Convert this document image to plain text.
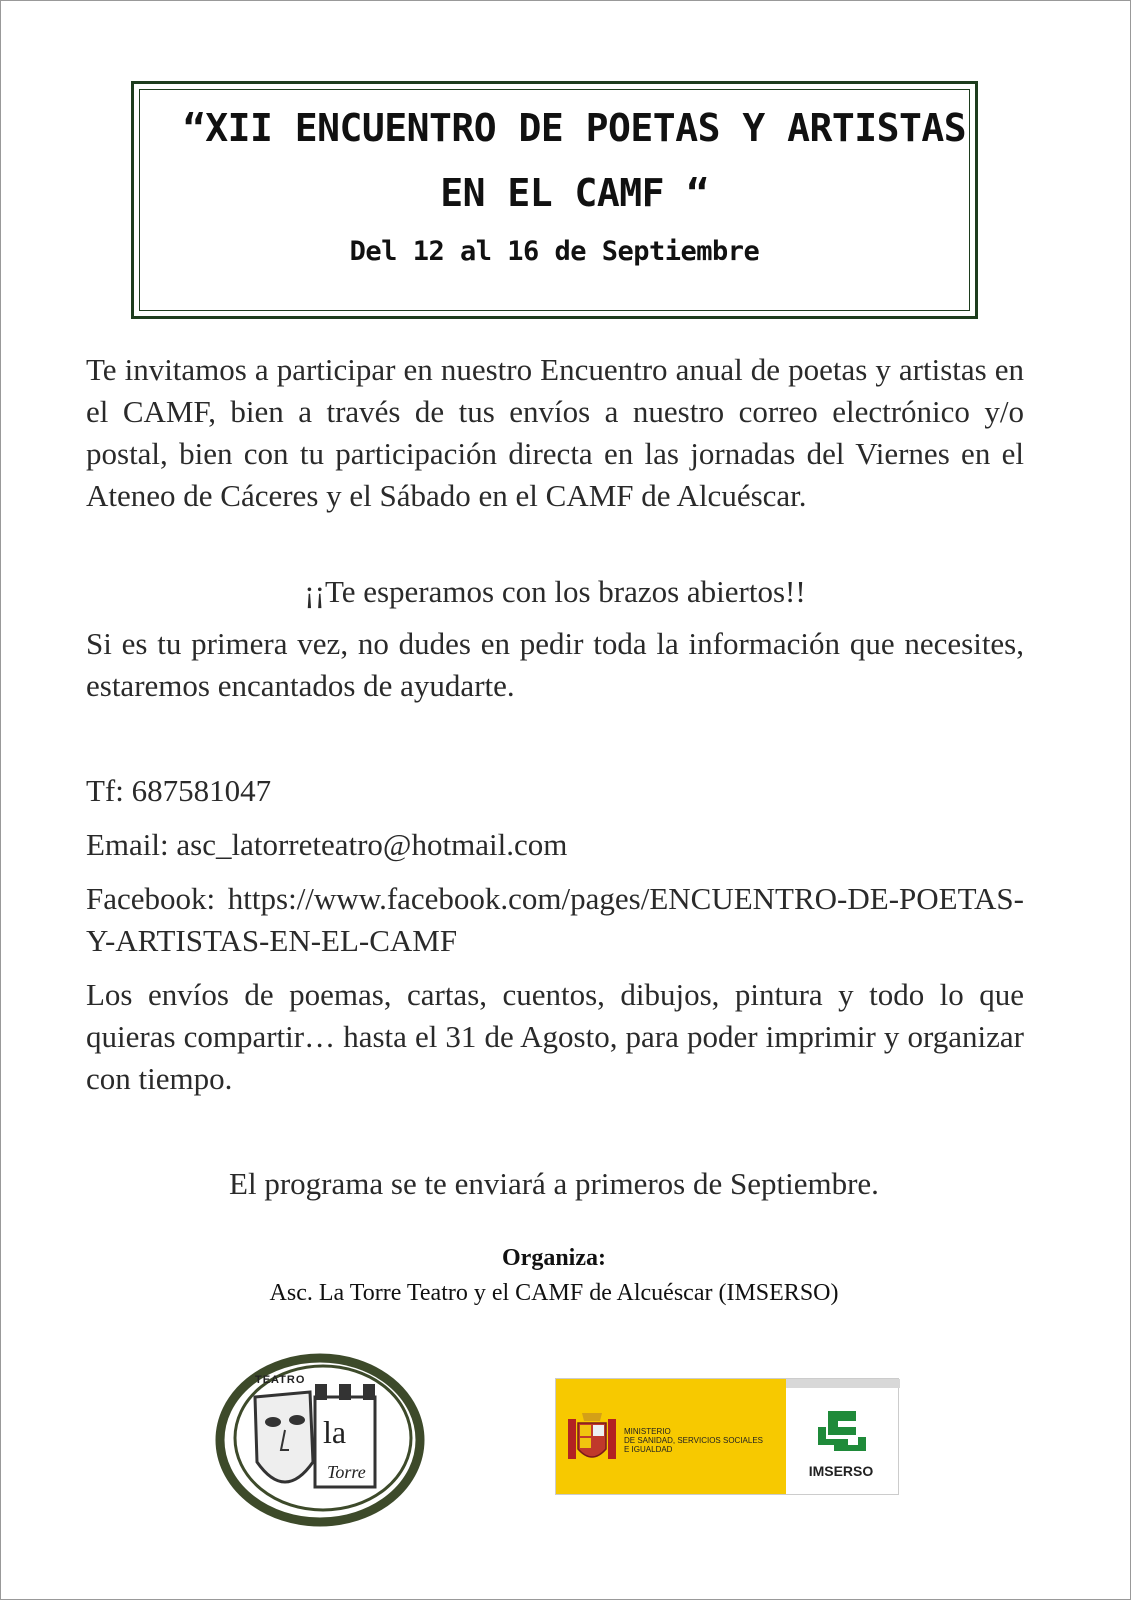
“XII ENCUENTRO DE POETAS Y ARTISTAS
EN EL CAMF “
Del 12 al 16 de Septiembre
Te invitamos a participar en nuestro Encuentro anual de poetas y artistas en el CAMF, bien a través de tus envíos a nuestro correo electrónico y/o postal, bien con tu participación directa en las jornadas del Viernes en el Ateneo de Cáceres y el Sábado en el CAMF de Alcuéscar.
¡¡Te esperamos con los brazos abiertos!!
Si es tu primera vez, no dudes en pedir toda la información que necesites, estaremos encantados de ayudarte.
Tf: 687581047
Email: asc_latorreteatro@hotmail.com
Facebook: https://www.facebook.com/pages/ENCUENTRO-DE-POETAS-Y-ARTISTAS-EN-EL-CAMF
Los envíos de poemas, cartas, cuentos, dibujos, pintura y todo lo que quieras compartir… hasta el 31 de Agosto, para poder imprimir y organizar con tiempo.
El programa se te enviará a primeros de Septiembre.
Organiza:
Asc. La Torre Teatro y el CAMF de Alcuéscar (IMSERSO)
TEATRO
la
Torre
MINISTERIO
DE SANIDAD, SERVICIOS SOCIALES
E IGUALDAD
IMSERSO
